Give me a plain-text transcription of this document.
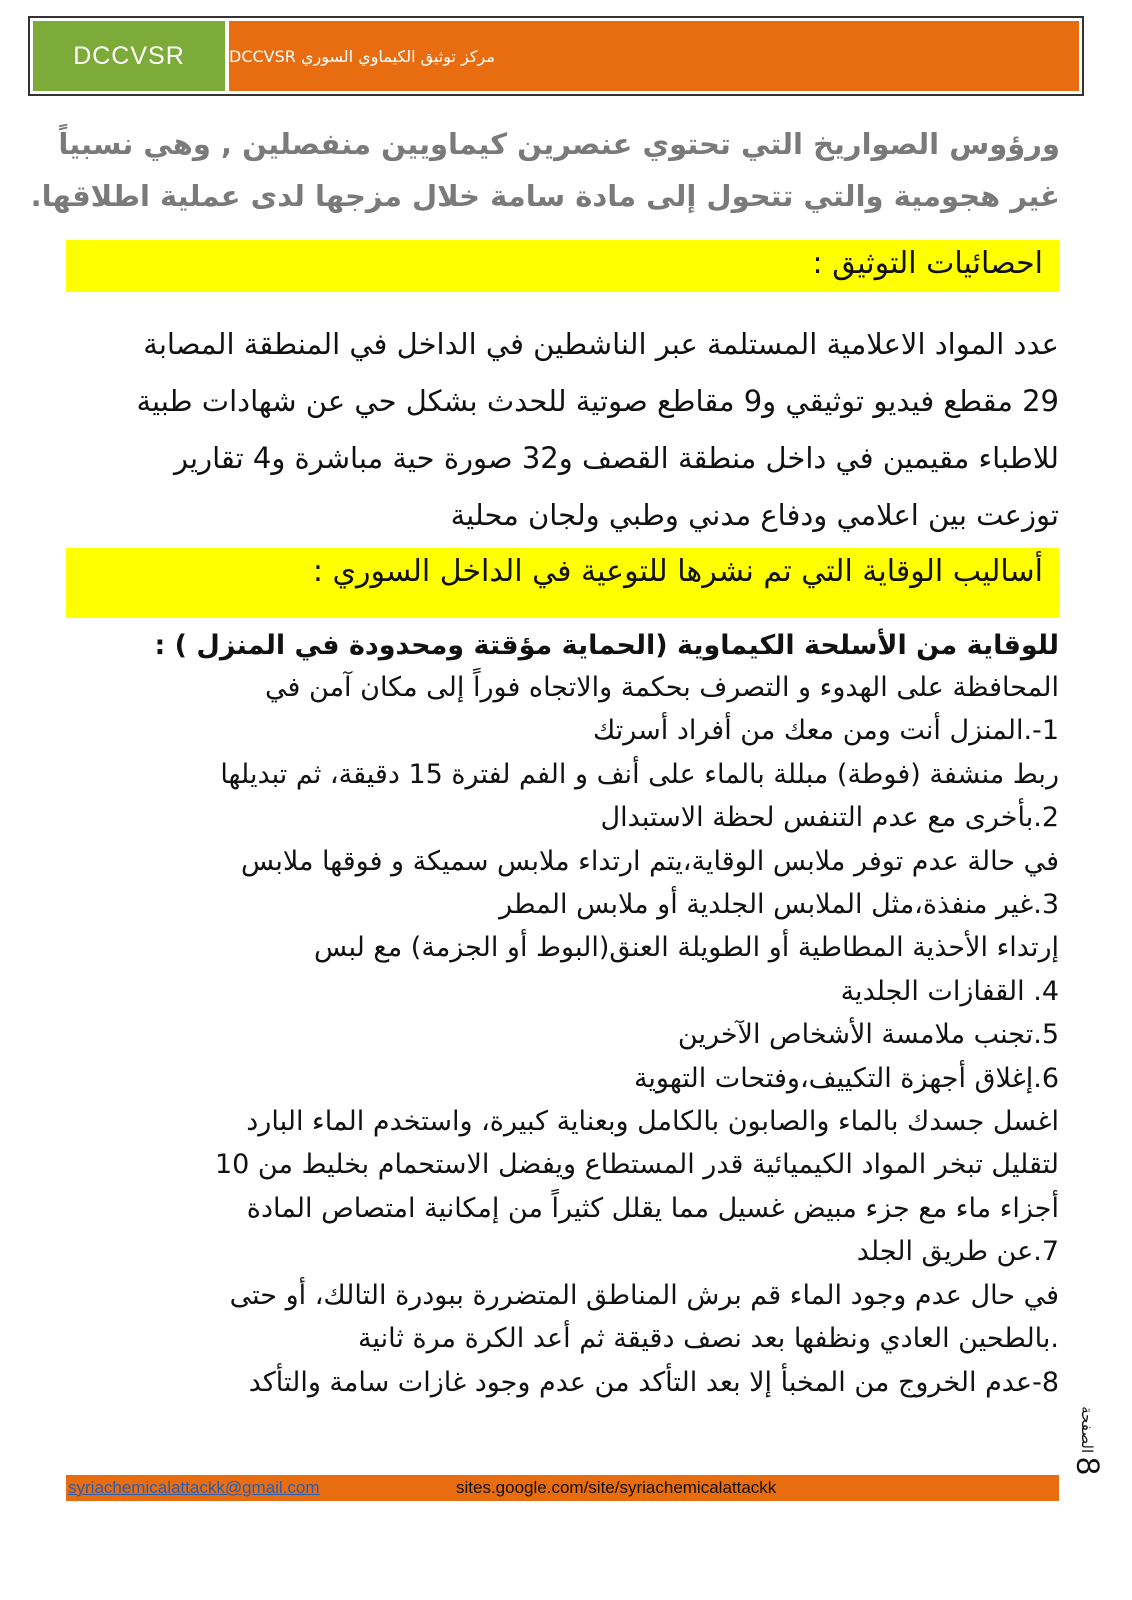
DCCVSR	مركز توثيق الكيماوي السوري DCCVSR

ورؤوس الصواريخ التي تحتوي عنصرين كيماويين منفصلين , وهي نسبياً

غير هجومية والتي تتحول إلى مادة سامة خلال مزجها لدى عملية اطلاقها.

احصائيات التوثيق :

عدد المواد الاعلامية المستلمة عبر الناشطين في الداخل في المنطقة المصابة

29 مقطع فيديو توثيقي و9 مقاطع صوتية للحدث بشكل حي عن شهادات طبية

للاطباء مقيمين في داخل منطقة القصف و32 صورة حية مباشرة و4 تقارير

توزعت بين اعلامي ودفاع مدني وطبي ولجان محلية

أساليب الوقاية التي تم نشرها للتوعية في الداخل السوري :
للوقاية من الأسلحة الكيماوية (الحماية مؤقتة ومحدودة في المنزل ) :

المحافظة على الهدوء و التصرف بحكمة والاتجاه فوراً إلى مكان آمن في

1-.المنزل أنت ومن معك من أفراد أسرتك

ربط منشفة (فوطة) مبللة بالماء على أنف و الفم لفترة 15 دقيقة، ثم تبديلها

2.بأخرى مع عدم التنفس لحظة الاستبدال

في حالة عدم توفر ملابس الوقاية،يتم ارتداء ملابس سميكة و فوقها ملابس

3.غير منفذة،مثل الملابس الجلدية أو ملابس المطر

إرتداء الأحذية المطاطية أو الطويلة العنق(البوط أو الجزمة) مع لبس

4. القفازات الجلدية

5.تجنب ملامسة الأشخاص الآخرين

6.إغلاق أجهزة التكييف،وفتحات التهوية

اغسل جسدك بالماء والصابون بالكامل وبعناية كبيرة، واستخدم الماء البارد

لتقليل تبخر المواد الكيميائية قدر المستطاع ويفضل الاستحمام بخليط من 10

أجزاء ماء مع جزء مبيض غسيل مما يقلل كثيراً من إمكانية امتصاص المادة

7.عن طريق الجلد

في حال عدم وجود الماء قم برش المناطق المتضررة ببودرة التالك، أو حتى

.بالطحين العادي ونظفها بعد نصف دقيقة ثم أعد الكرة مرة ثانية

8-عدم الخروج من المخبأ إلا بعد التأكد من عدم وجود غازات سامة والتأكد

الصفحة
8
syriachemicalattackk@gmail.com	sites.google.com/site/syriachemicalattackk
